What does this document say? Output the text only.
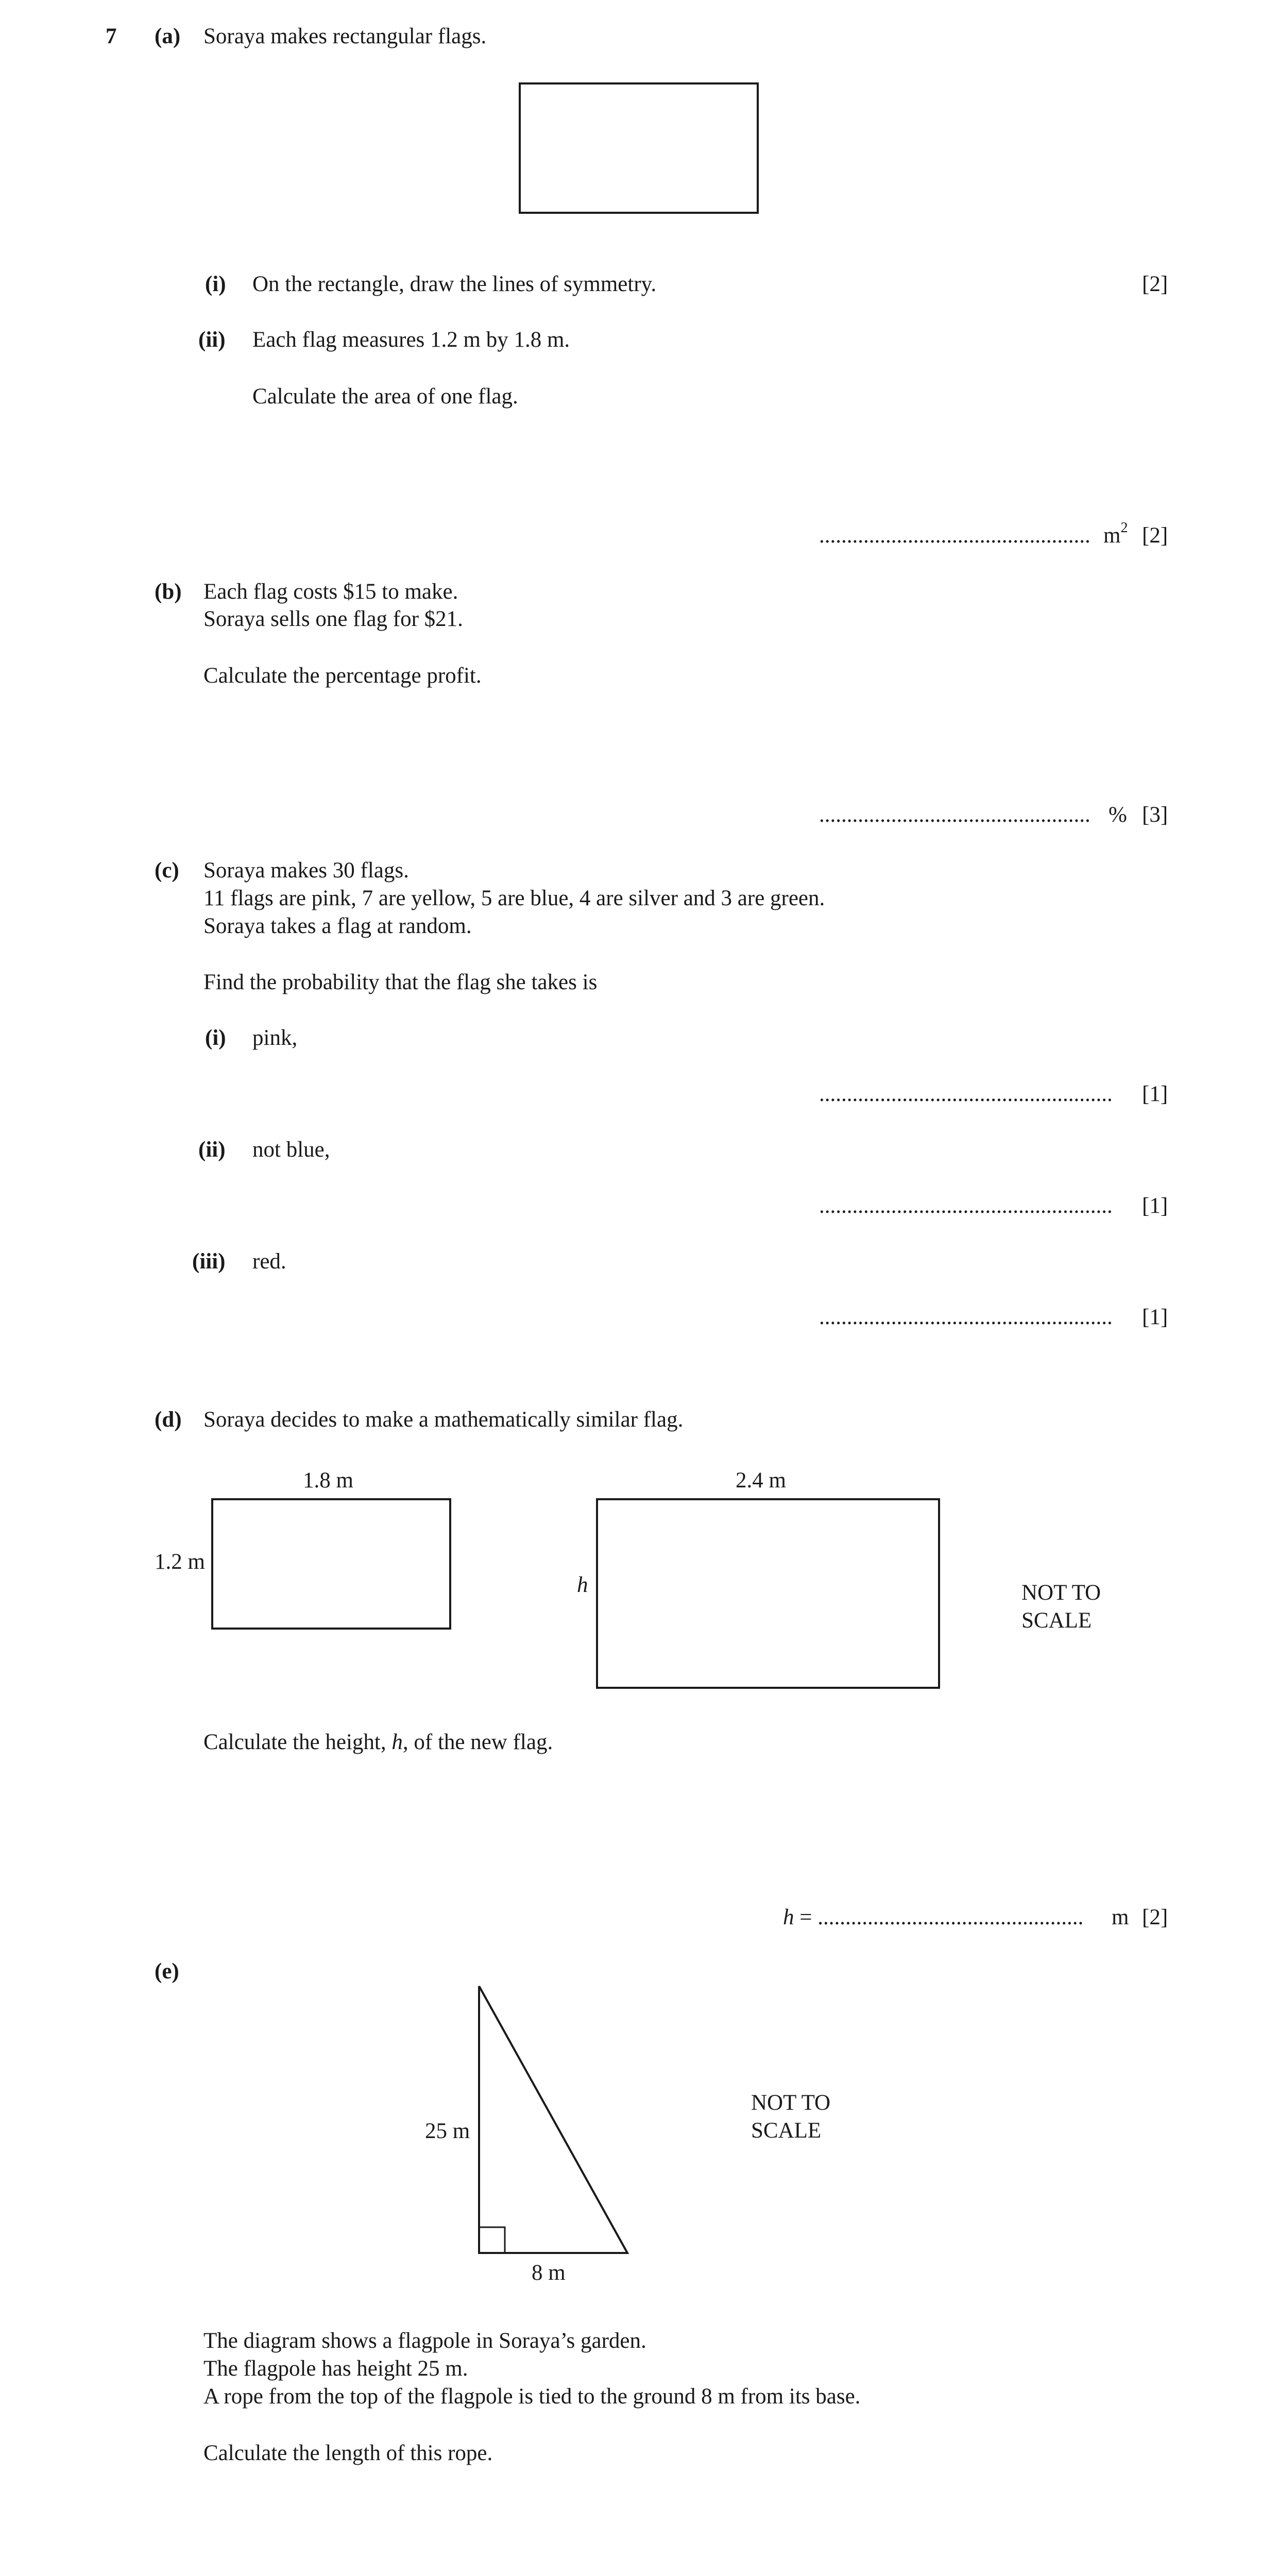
7 (a) Soraya makes rectangular flags.
(i) On the rectangle, draw the lines of symmetry.	[2]
(ii) Each flag measures 1.2 m by 1.8 m.
Calculate the area of one flag.
................................................. $m^2$ [2]
(b) Each flag costs $15 to make.
Soraya sells one flag for $21.
Calculate the percentage profit.
................................................. % [3]
(c) Soraya makes 30 flags.
11 flags are pink, 7 are yellow, 5 are blue, 4 are silver and 3 are green.
Soraya takes a flag at random.
Find the probability that the flag she takes is
(i) pink,
..................................................... [1]
(ii) not blue,
..................................................... [1]
(iii) red.
..................................................... [1]
(d) Soraya decides to make a mathematically similar flag.
1.8 m
1.2 m
2.4 m
h	NOT TO
SCALE
Calculate the height, h, of the new flag.
h = ................................................ m [2]
(e)
25 m
8 m
NOT TO
SCALE
The diagram shows a flagpole in Soraya’s garden.
The flagpole has height 25 m.
A rope from the top of the flagpole is tied to the ground 8 m from its base.
Calculate the length of this rope.
